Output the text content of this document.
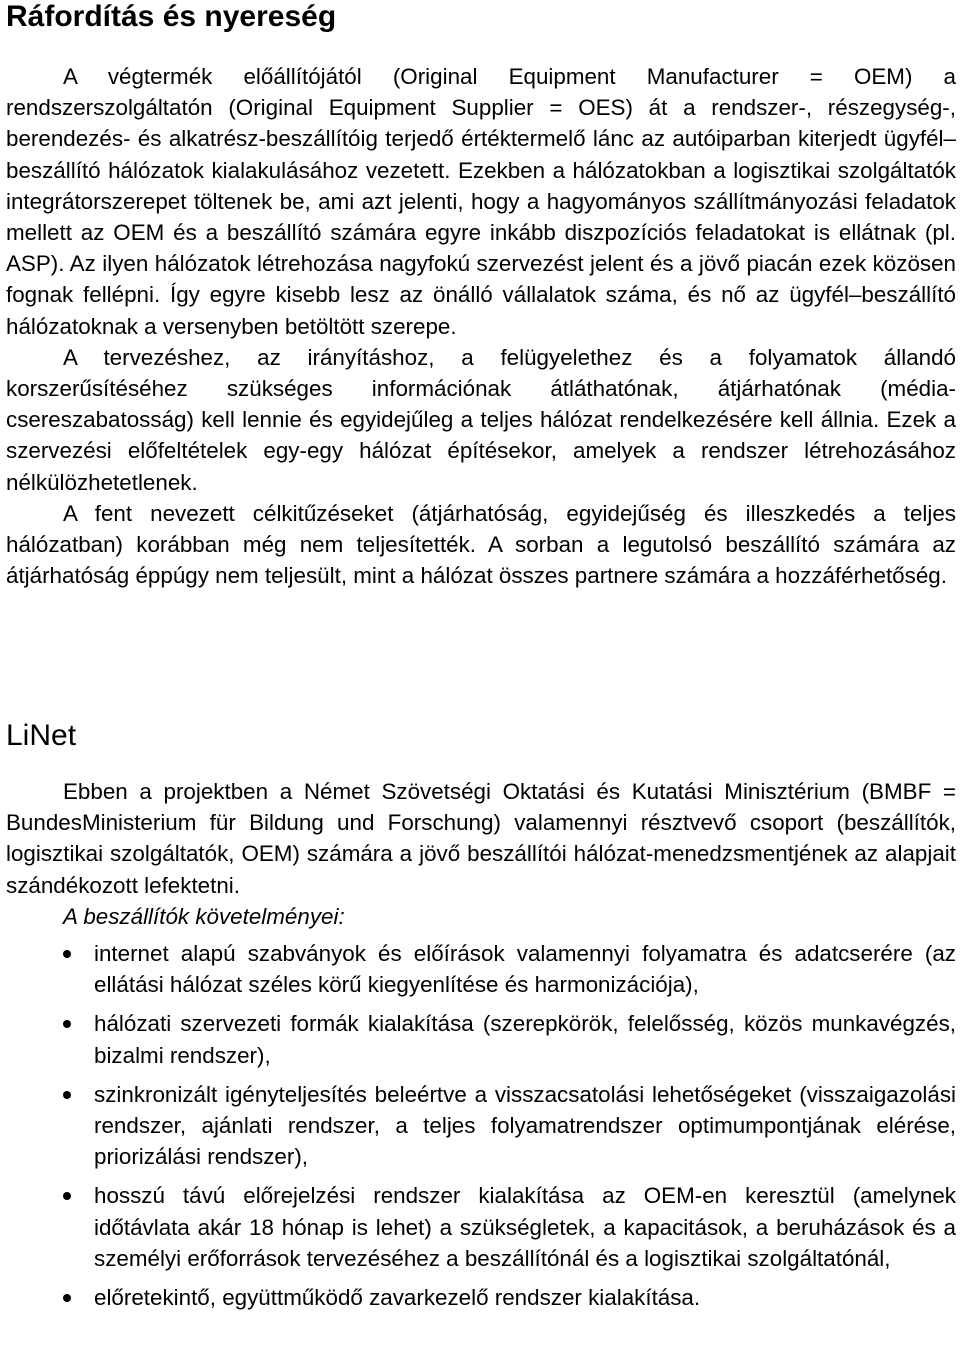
Ráfordítás és nyereség

A végtermék előállítójától (Original Equipment Manufacturer = OEM) a rendszerszolgáltatón (Original Equipment Supplier = OES) át a rendszer-, részegység-, berendezés- és alkatrész-beszállítóig terjedő értéktermelő lánc az autóiparban kiterjedt ügyfél–beszállító hálózatok kialakulásához vezetett. Ezekben a hálózatokban a logisztikai szolgáltatók integrátorszerepet töltenek be, ami azt jelenti, hogy a hagyományos szállítmányozási feladatok mellett az OEM és a beszállító számára egyre inkább diszpozíciós feladatokat is ellátnak (pl. ASP). Az ilyen hálózatok létrehozása nagyfokú szervezést jelent és a jövő piacán ezek közösen fognak fellépni. Így egyre kisebb lesz az önálló vállalatok száma, és nő az ügyfél–beszállító hálózatoknak a versenyben betöltött szerepe.

A tervezéshez, az irányításhoz, a felügyelethez és a folyamatok állandó korszerűsítéséhez szükséges információnak átláthatónak, átjárhatónak (média-csereszabatosság) kell lennie és egyidejűleg a teljes hálózat rendelkezésére kell állnia. Ezek a szervezési előfeltételek egy-egy hálózat építésekor, amelyek a rendszer létrehozásához nélkülözhetetlenek.

A fent nevezett célkitűzéseket (átjárhatóság, egyidejűség és illeszkedés a teljes hálózatban) korábban még nem teljesítették. A sorban a legutolsó beszállító számára az átjárhatóság éppúgy nem teljesült, mint a hálózat összes partnere számára a hozzáférhetőség.

LiNet

Ebben a projektben a Német Szövetségi Oktatási és Kutatási Minisztérium (BMBF = BundesMinisterium für Bildung und Forschung) valamennyi résztvevő csoport (beszállítók, logisztikai szolgáltatók, OEM) számára a jövő beszállítói hálózat-menedzsmentjének az alapjait szándékozott lefektetni.

A beszállítók követelményei:

internet alapú szabványok és előírások valamennyi folyamatra és adatcserére (az ellátási hálózat széles körű kiegyenlítése és harmonizációja),
hálózati szervezeti formák kialakítása (szerepkörök, felelősség, közös munkavégzés, bizalmi rendszer),
szinkronizált igényteljesítés beleértve a visszacsatolási lehetőségeket (visszaigazolási rendszer, ajánlati rendszer, a teljes folyamatrendszer optimumpontjának elérése, priorizálási rendszer),
hosszú távú előrejelzési rendszer kialakítása az OEM-en keresztül (amelynek időtávlata akár 18 hónap is lehet) a szükségletek, a kapacitások, a beruházások és a személyi erőforrások tervezéséhez a beszállítónál és a logisztikai szolgáltatónál,
előretekintő, együttműködő zavarkezelő rendszer kialakítása.
